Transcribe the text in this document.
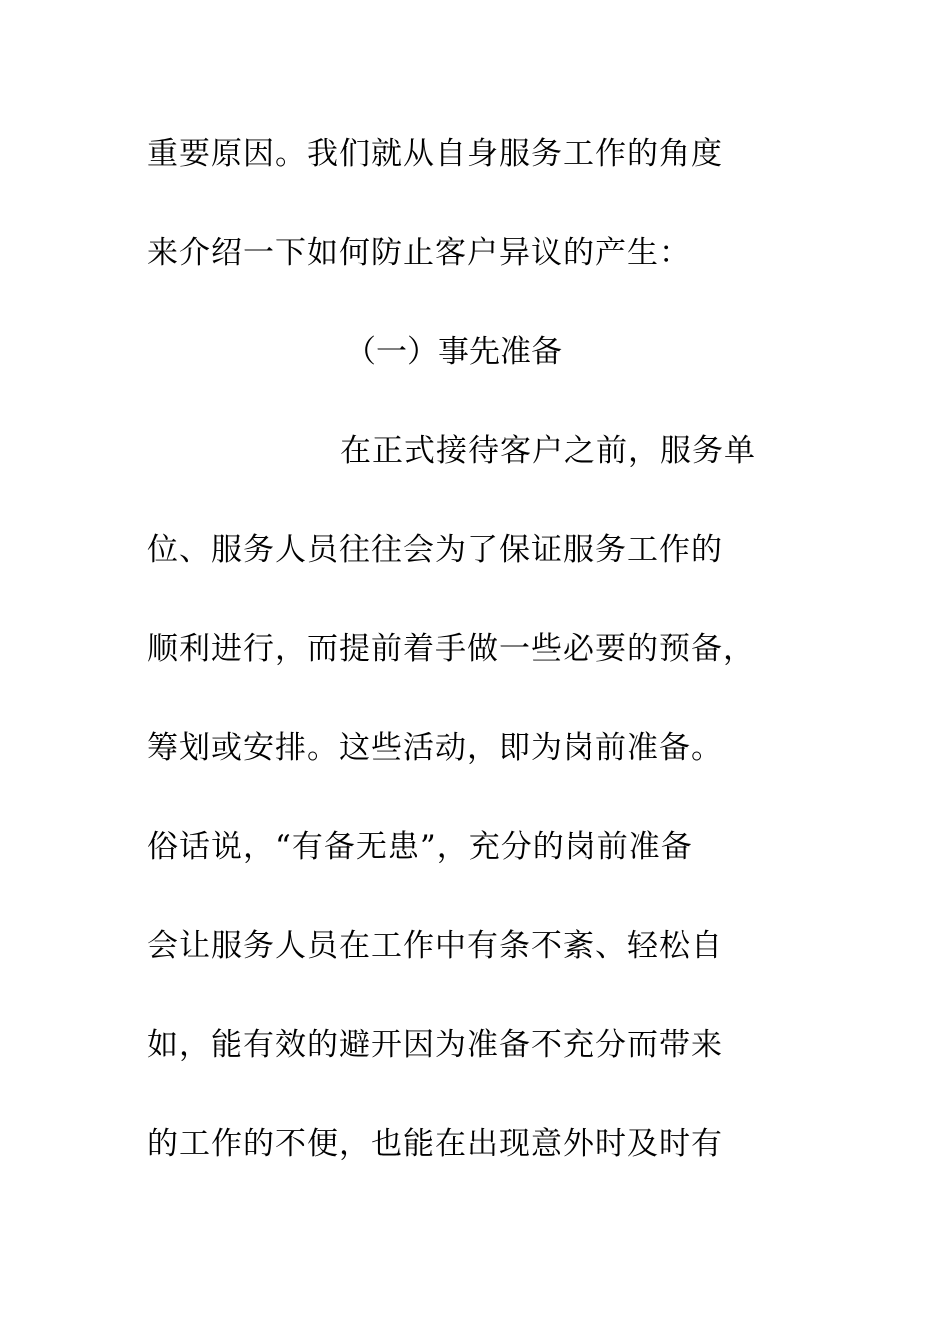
重要原因。我们就从自身服务工作的角度
来介绍一下如何防止客户异议的产生：
（一）事先准备
在正式接待客户之前，服务单
位、服务人员往往会为了保证服务工作的
顺利进行，而提前着手做一些必要的预备，
筹划或安排。这些活动，即为岗前准备。
俗话说，“有备无患”，充分的岗前准备
会让服务人员在工作中有条不紊、轻松自
如，能有效的避开因为准备不充分而带来
的工作的不便，也能在出现意外时及时有
